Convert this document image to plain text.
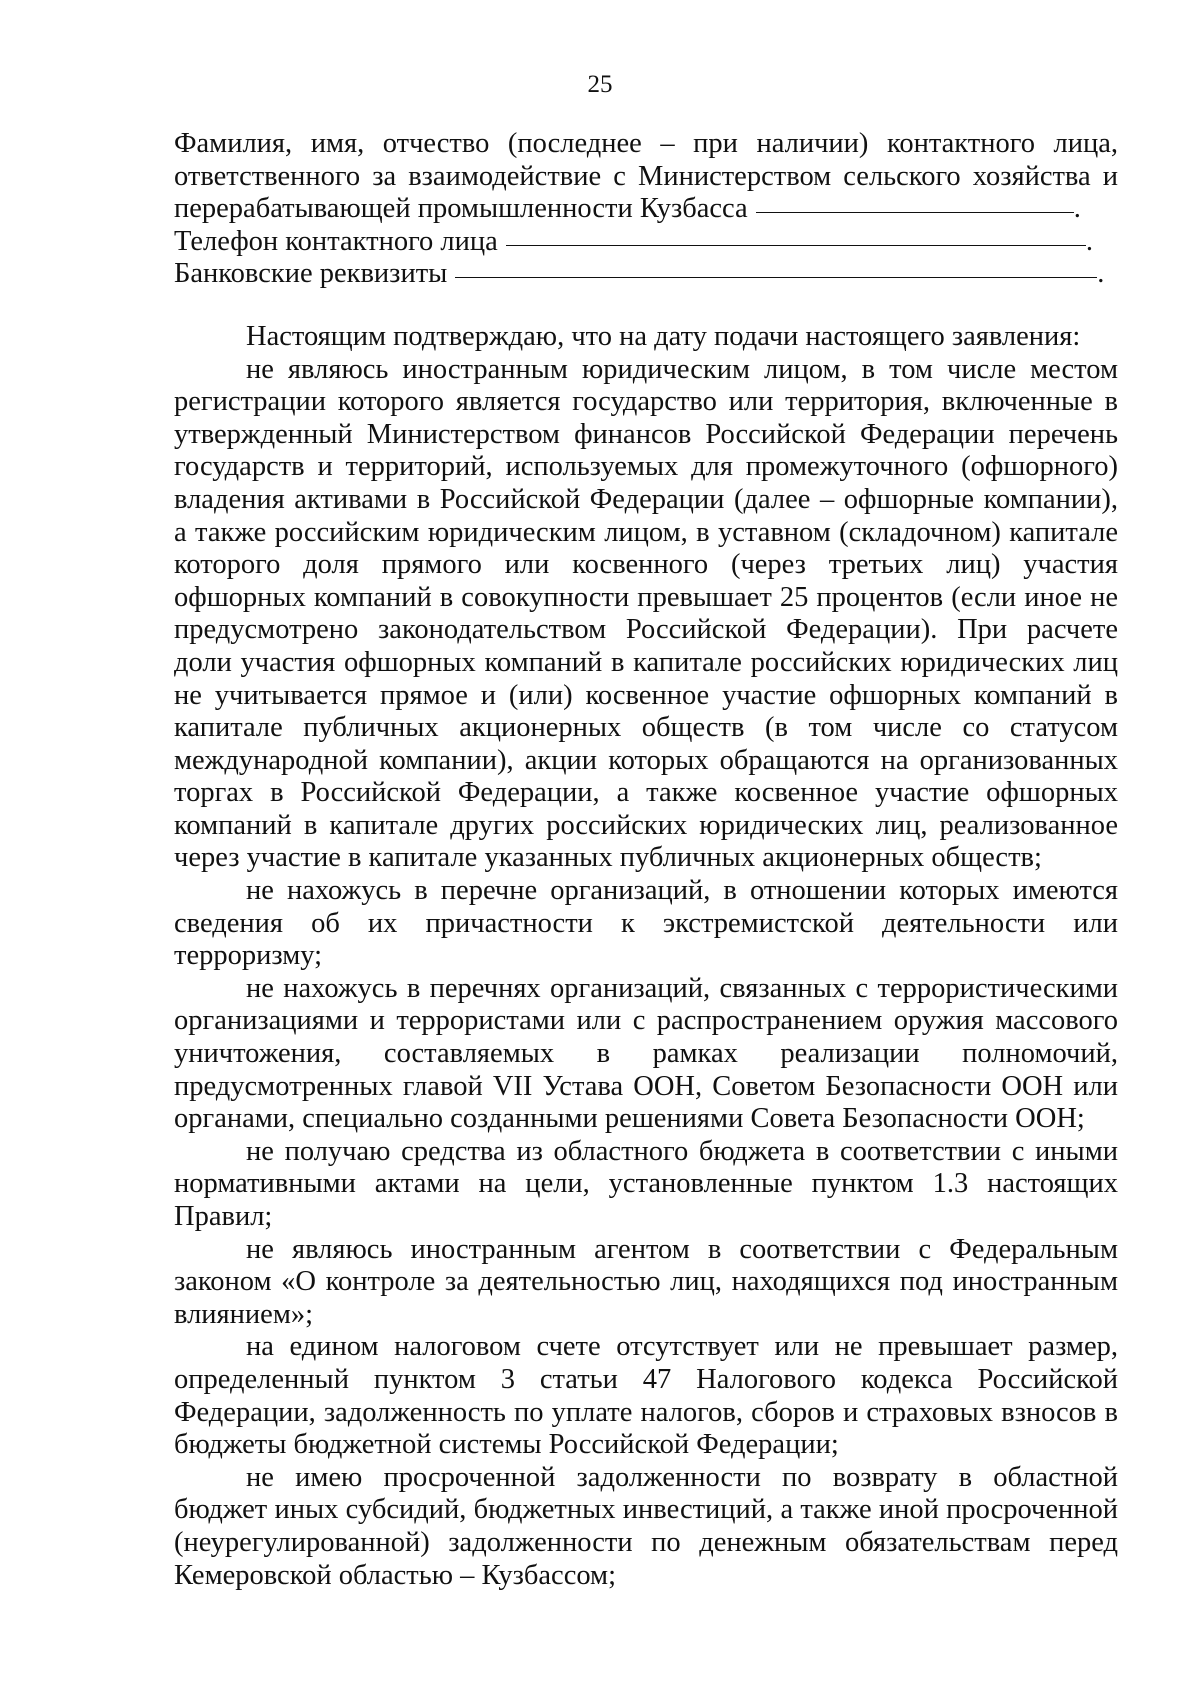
25

Фамилия, имя, отчество (последнее – при наличии) контактного лица, ответственного за взаимодействие с Министерством сельского хозяйства и перерабатывающей промышленности Кузбасса	.

Телефон контактного лица	.
Банковские реквизиты	.

Настоящим подтверждаю, что на дату подачи настоящего заявления:

не являюсь иностранным юридическим лицом, в том числе местом регистрации которого является государство или территория, включенные в утвержденный Министерством финансов Российской Федерации перечень государств и территорий, используемых для промежуточного (офшорного) владения активами в Российской Федерации (далее – офшорные компании), а также российским юридическим лицом, в уставном (складочном) капитале которого доля прямого или косвенного (через третьих лиц) участия офшорных компаний в совокупности превышает 25 процентов (если иное не предусмотрено законодательством Российской Федерации). При расчете доли участия офшорных компаний в капитале российских юридических лиц не учитывается прямое и (или) косвенное участие офшорных компаний в капитале публичных акционерных обществ (в том числе со статусом международной компании), акции которых обращаются на организованных торгах в Российской Федерации, а также косвенное участие офшорных компаний в капитале других российских юридических лиц, реализованное через участие в капитале указанных публичных акционерных обществ;

не нахожусь в перечне организаций, в отношении которых имеются сведения об их причастности к экстремистской деятельности или терроризму;

не нахожусь в перечнях организаций, связанных с террористическими организациями и террористами или с распространением оружия массового уничтожения, составляемых в рамках реализации полномочий, предусмотренных главой VII Устава ООН, Советом Безопасности ООН или органами, специально созданными решениями Совета Безопасности ООН;

не получаю средства из областного бюджета в соответствии с иными нормативными актами на цели, установленные пунктом 1.3 настоящих Правил;

не являюсь иностранным агентом в соответствии с Федеральным законом «О контроле за деятельностью лиц, находящихся под иностранным влиянием»;

на едином налоговом счете отсутствует или не превышает размер, определенный пунктом 3 статьи 47 Налогового кодекса Российской Федерации, задолженность по уплате налогов, сборов и страховых взносов в бюджеты бюджетной системы Российской Федерации;

не имею просроченной задолженности по возврату в областной бюджет иных субсидий, бюджетных инвестиций, а также иной просроченной (неурегулированной) задолженности по денежным обязательствам перед Кемеровской областью – Кузбассом;
